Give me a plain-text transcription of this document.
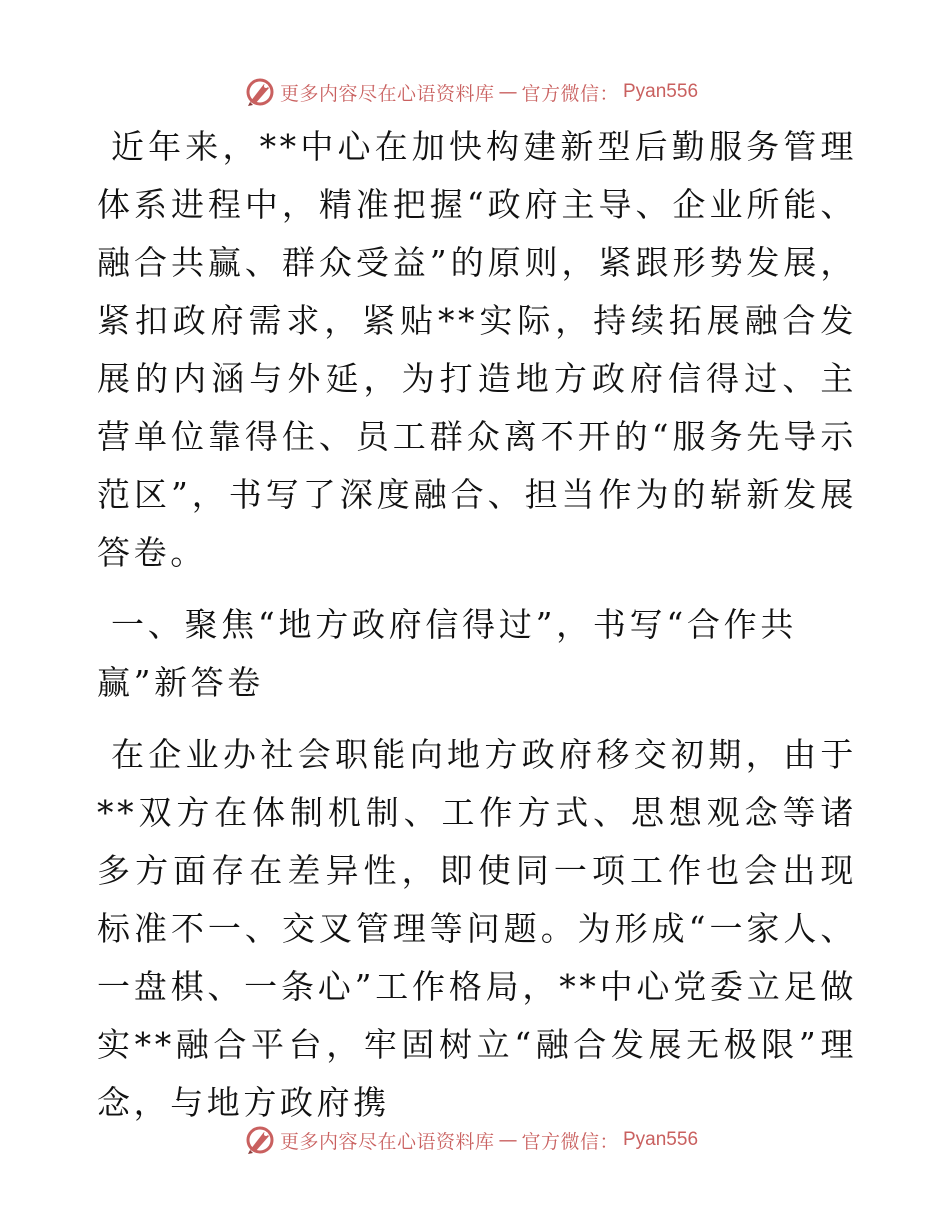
更多内容尽在心语资料库 — 官方微信： Pyan556

近年来，**中心在加快构建新型后勤服务管理体系进程中，精准把握“政府主导、企业所能、融合共赢、群众受益”的原则，紧跟形势发展，紧扣政府需求，紧贴**实际，持续拓展融合发展的内涵与外延，为打造地方政府信得过、主营单位靠得住、员工群众离不开的“服务先导示范区”，书写了深度融合、担当作为的崭新发展答卷。

一、聚焦“地方政府信得过”，书写“合作共赢”新答卷

在企业办社会职能向地方政府移交初期，由于**双方在体制机制、工作方式、思想观念等诸多方面存在差异性，即使同一项工作也会出现标准不一、交叉管理等问题。为形成“一家人、一盘棋、一条心”工作格局，**中心党委立足做实**融合平台，牢固树立“融合发展无极限”理念，与地方政府携

更多内容尽在心语资料库 — 官方微信： Pyan556
